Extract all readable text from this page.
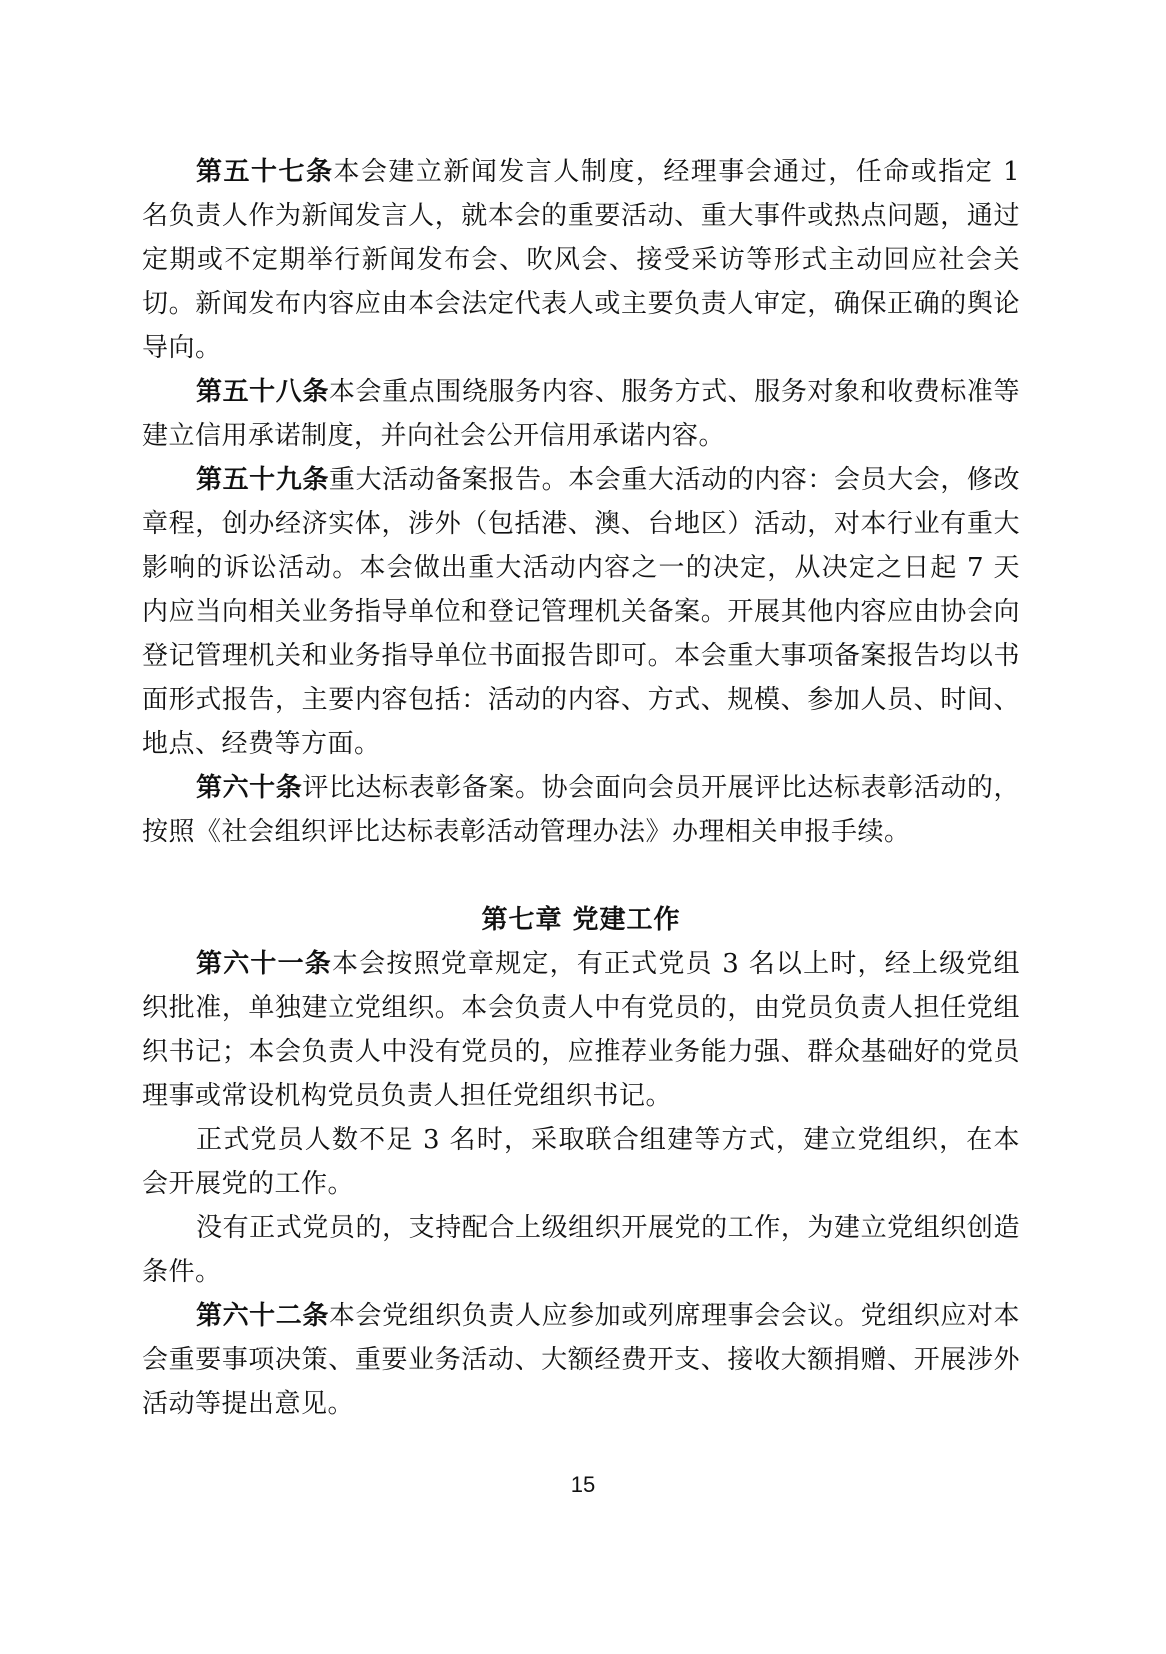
第五十七条本会建立新闻发言人制度，经理事会通过，任命或指定 1 名负责人作为新闻发言人，就本会的重要活动、重大事件或热点问题，通过定期或不定期举行新闻发布会、吹风会、接受采访等形式主动回应社会关切。新闻发布内容应由本会法定代表人或主要负责人审定，确保正确的舆论导向。

第五十八条本会重点围绕服务内容、服务方式、服务对象和收费标准等建立信用承诺制度，并向社会公开信用承诺内容。

第五十九条重大活动备案报告。本会重大活动的内容：会员大会，修改章程，创办经济实体，涉外（包括港、澳、台地区）活动，对本行业有重大影响的诉讼活动。本会做出重大活动内容之一的决定，从决定之日起 7 天内应当向相关业务指导单位和登记管理机关备案。开展其他内容应由协会向登记管理机关和业务指导单位书面报告即可。本会重大事项备案报告均以书面形式报告，主要内容包括：活动的内容、方式、规模、参加人员、时间、地点、经费等方面。

第六十条评比达标表彰备案。协会面向会员开展评比达标表彰活动的，按照《社会组织评比达标表彰活动管理办法》办理相关申报手续。

第七章 党建工作

第六十一条本会按照党章规定，有正式党员 3 名以上时，经上级党组织批准，单独建立党组织。本会负责人中有党员的，由党员负责人担任党组织书记；本会负责人中没有党员的，应推荐业务能力强、群众基础好的党员理事或常设机构党员负责人担任党组织书记。

正式党员人数不足 3 名时，采取联合组建等方式，建立党组织，在本会开展党的工作。

没有正式党员的，支持配合上级组织开展党的工作，为建立党组织创造条件。

第六十二条本会党组织负责人应参加或列席理事会会议。党组织应对本会重要事项决策、重要业务活动、大额经费开支、接收大额捐赠、开展涉外活动等提出意见。

15
